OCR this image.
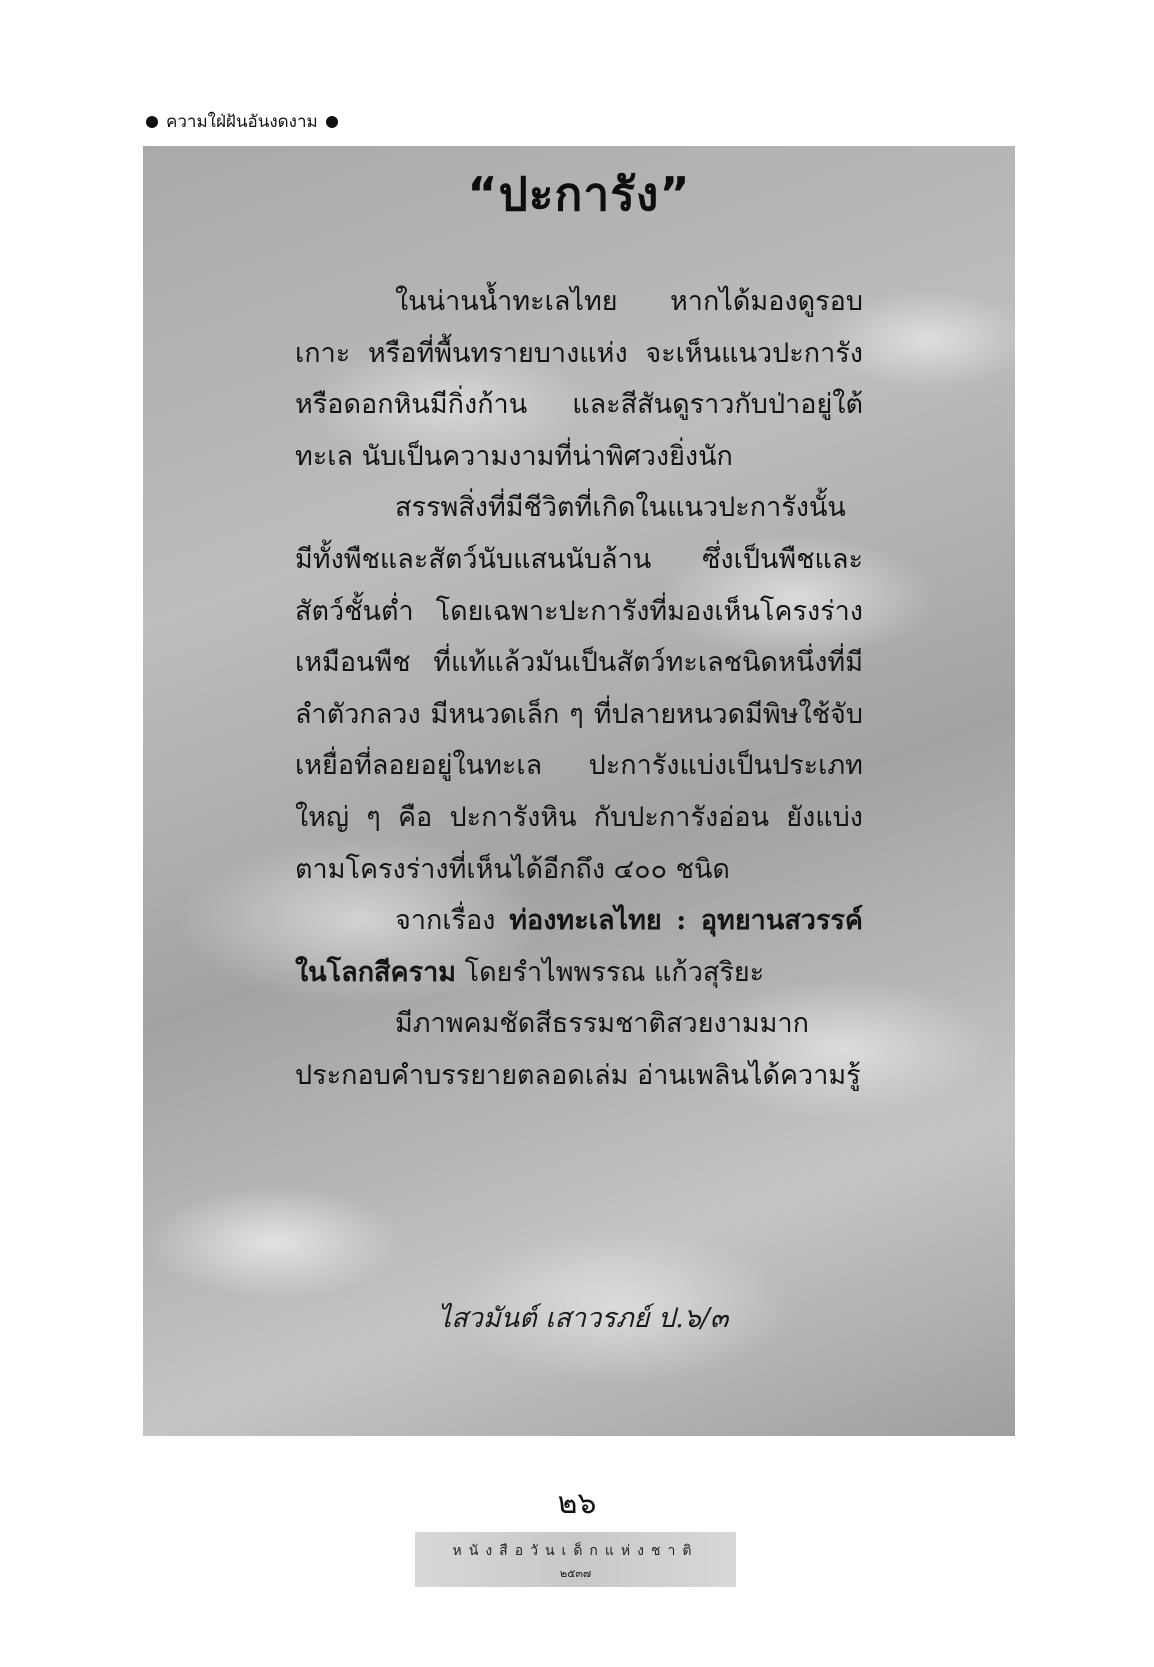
ความใฝ่ฝันอันงดงาม
“ปะการัง”

ในน่านน้ำทะเลไทย หากได้มองดูรอบเกาะ หรือที่พื้นทรายบางแห่ง จะเห็นแนวปะการัง หรือดอกหินมีกิ่งก้าน และสีสันดูราวกับป่าอยู่ใต้ทะเล นับเป็นความงามที่น่าพิศวงยิ่งนัก

สรรพสิ่งที่มีชีวิตที่เกิดในแนวปะการังนั้นมีทั้งพืชและสัตว์นับแสนนับล้าน ซึ่งเป็นพืชและสัตว์ชั้นต่ำ โดยเฉพาะปะการังที่มองเห็นโครงร่างเหมือนพืช ที่แท้แล้วมันเป็นสัตว์ทะเลชนิดหนึ่งที่มีลำตัวกลวง มีหนวดเล็ก ๆ ที่ปลายหนวดมีพิษใช้จับเหยื่อที่ลอยอยู่ในทะเล ปะการังแบ่งเป็นประเภทใหญ่ ๆ คือ ปะการังหิน กับปะการังอ่อน ยังแบ่งตามโครงร่างที่เห็นได้อีกถึง ๔๐๐ ชนิด

จากเรื่อง ท่องทะเลไทย : อุทยานสวรรค์ในโลกสีคราม โดยรำไพพรรณ แก้วสุริยะ

มีภาพคมชัดสีธรรมชาติสวยงามมากประกอบคำบรรยายตลอดเล่ม อ่านเพลินได้ความรู้

ไสวมันต์ เสาวรภย์ ป.๖/๓
๒๖
หนังสือวันเด็กแห่งชาติ
๒๕๓๗
